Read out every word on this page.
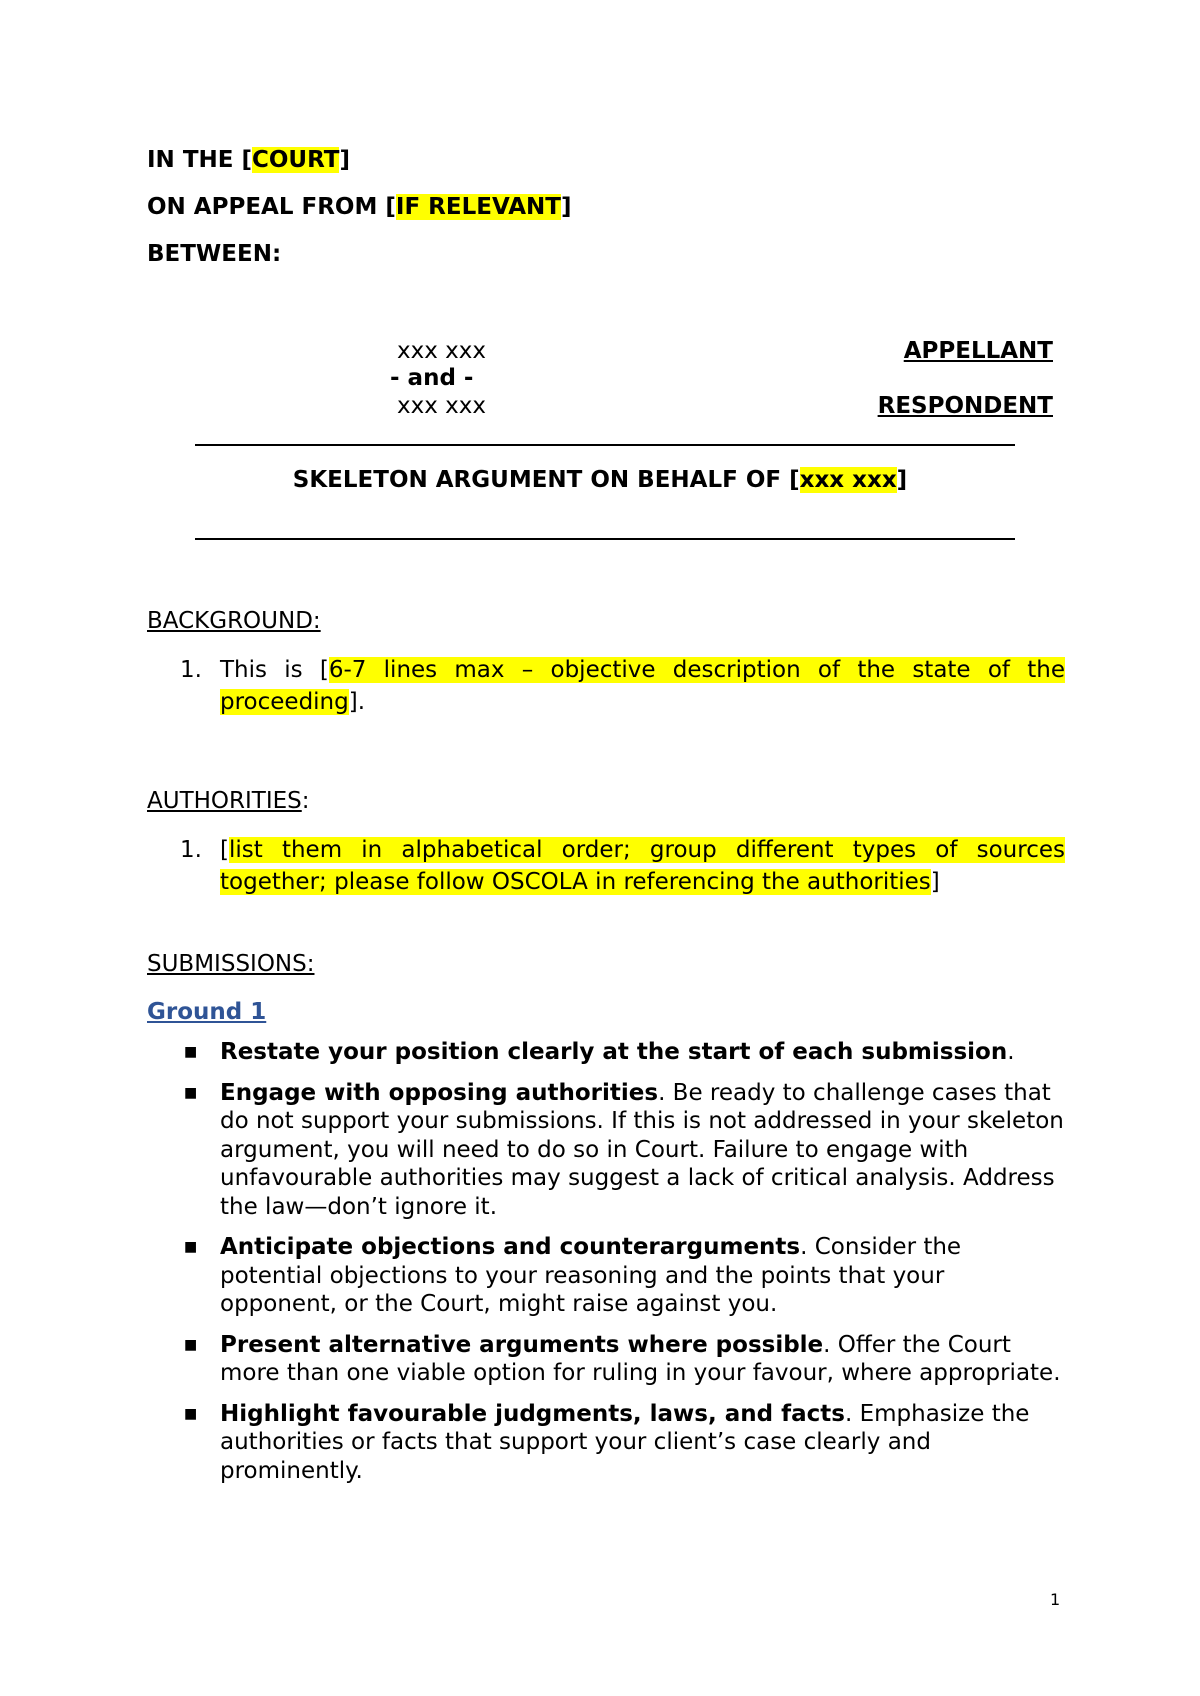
IN THE [COURT]
ON APPEAL FROM [IF RELEVANT]
BETWEEN:
xxx xxx
- and -
xxx xxx
APPELLANT
RESPONDENT
SKELETON ARGUMENT ON BEHALF OF [xxx xxx]
BACKGROUND:
1. This is [6-7 lines max – objective description of the state of the proceeding].
AUTHORITIES:
1. [list them in alphabetical order; group different types of sources together; please follow OSCOLA in referencing the authorities]
SUBMISSIONS:
Ground 1
■ Restate your position clearly at the start of each submission.
■ Engage with opposing authorities. Be ready to challenge cases that do not support your submissions. If this is not addressed in your skeleton argument, you will need to do so in Court. Failure to engage with unfavourable authorities may suggest a lack of critical analysis. Address the law—don’t ignore it.
■ Anticipate objections and counterarguments. Consider the potential objections to your reasoning and the points that your opponent, or the Court, might raise against you.
■ Present alternative arguments where possible. Offer the Court more than one viable option for ruling in your favour, where appropriate.
■ Highlight favourable judgments, laws, and facts. Emphasize the authorities or facts that support your client’s case clearly and prominently.
1
